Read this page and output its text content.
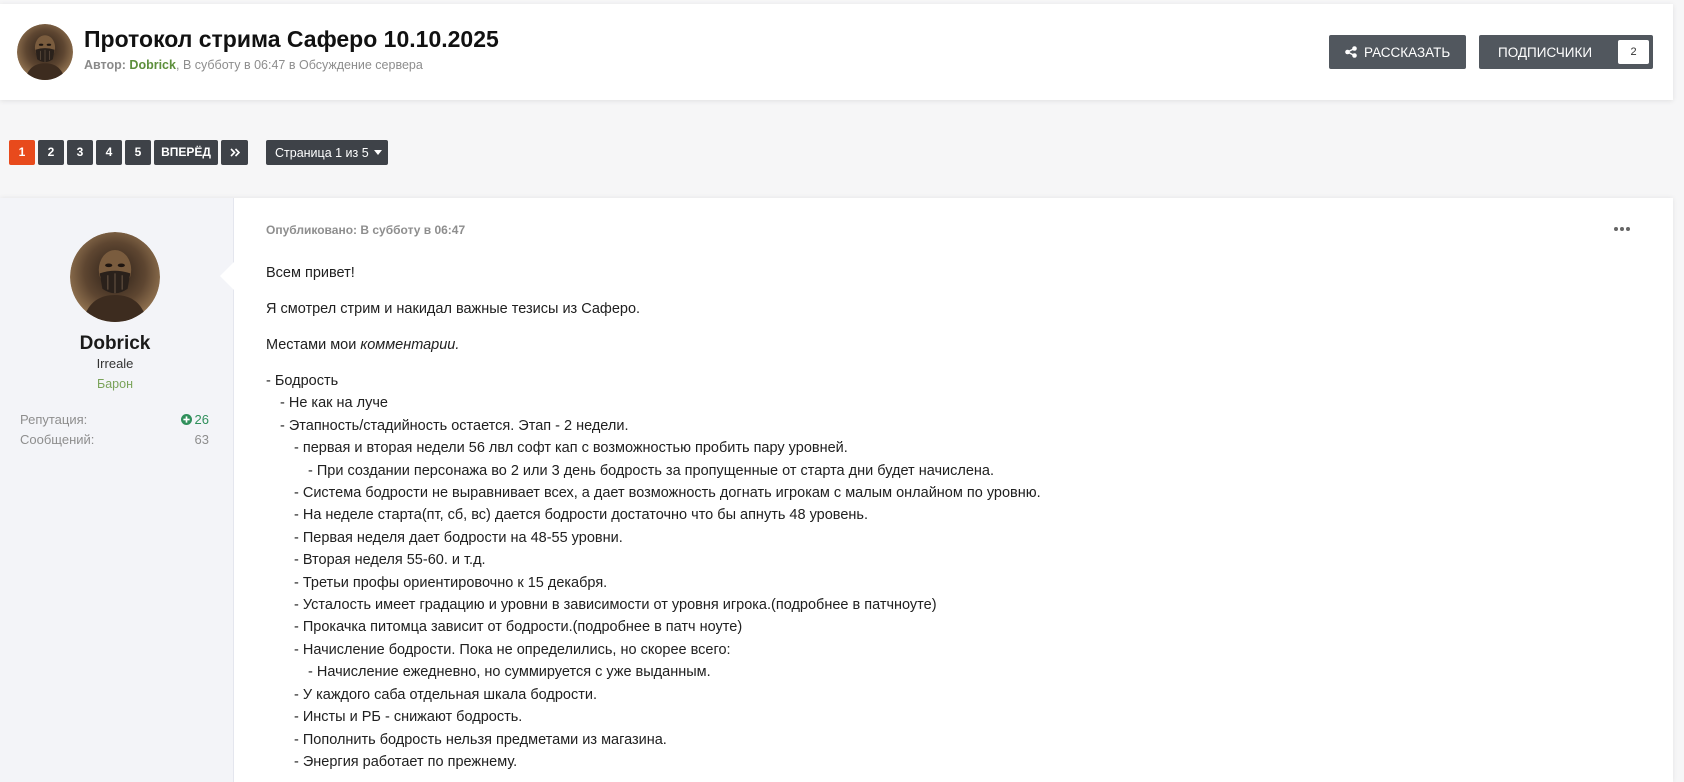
Протокол стрима Саферо 10.10.2025
Автор: Dobrick, В субботу в 06:47 в Обсуждение сервера
РАССКАЗАТЬ	ПОДПИСЧИКИ	2
1	2	3	4	5	ВПЕРЁД	Страница 1 из 5
Dobrick
Irreale
Барон
Репутация:	26
Сообщений:	63
Опубликовано: В субботу в 06:47

Всем привет!

Я смотрел стрим и накидал важные тезисы из Саферо.

Местами мои комментарии.

- Бодрость
- Не как на луче
- Этапность/стадийность остается. Этап - 2 недели.
- первая и вторая недели 56 лвл софт кап с возможностью пробить пару уровней.
- При создании персонажа во 2 или 3 день бодрость за пропущенные от старта дни будет начислена.
- Система бодрости не выравнивает всех, а дает возможность догнать игрокам с малым онлайном по уровню.
- На неделе старта(пт, сб, вс) дается бодрости достаточно что бы апнуть 48 уровень.
- Первая неделя дает бодрости на 48-55 уровни.
- Вторая неделя 55-60. и т.д.
- Третьи профы ориентировочно к 15 декабря.
- Усталость имеет градацию и уровни в зависимости от уровня игрока.(подробнее в патчноуте)
- Прокачка питомца зависит от бодрости.(подробнее в патч ноуте)
- Начисление бодрости. Пока не определились, но скорее всего:
- Начисление ежедневно, но суммируется с уже выданным.
- У каждого саба отдельная шкала бодрости.
- Инсты и РБ - снижают бодрость.
- Пополнить бодрость нельзя предметами из магазина.
- Энергия работает по прежнему.
